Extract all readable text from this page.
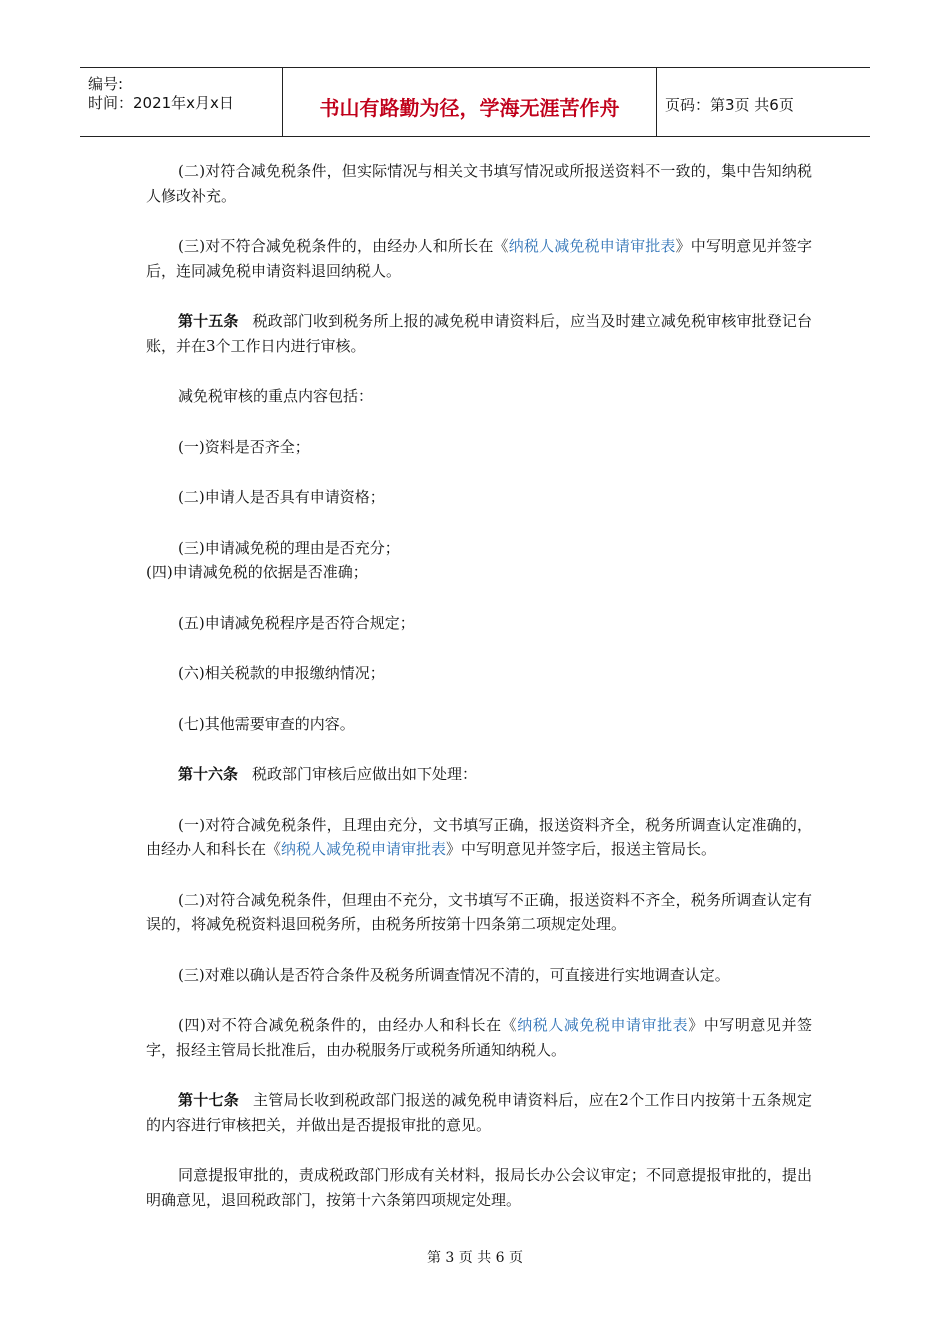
编号:
时间：2021年x月x日	书山有路勤为径，学海无涯苦作舟	页码：第3页 共6页

(二)对符合减免税条件，但实际情况与相关文书填写情况或所报送资料不一致的，集中告知纳税人修改补充。

(三)对不符合减免税条件的，由经办人和所长在《纳税人减免税申请审批表》中写明意见并签字后，连同减免税申请资料退回纳税人。

第十五条 税政部门收到税务所上报的减免税申请资料后，应当及时建立减免税审核审批登记台账，并在3个工作日内进行审核。

减免税审核的重点内容包括：

(一)资料是否齐全；

(二)申请人是否具有申请资格；

(三)申请减免税的理由是否充分；

(四)申请减免税的依据是否准确；

(五)申请减免税程序是否符合规定；

(六)相关税款的申报缴纳情况；

(七)其他需要审查的内容。

第十六条 税政部门审核后应做出如下处理：

(一)对符合减免税条件，且理由充分，文书填写正确，报送资料齐全，税务所调查认定准确的，由经办人和科长在《纳税人减免税申请审批表》中写明意见并签字后，报送主管局长。

(二)对符合减免税条件，但理由不充分，文书填写不正确，报送资料不齐全，税务所调查认定有误的，将减免税资料退回税务所，由税务所按第十四条第二项规定处理。

(三)对难以确认是否符合条件及税务所调查情况不清的，可直接进行实地调查认定。

(四)对不符合减免税条件的，由经办人和科长在《纳税人减免税申请审批表》中写明意见并签字，报经主管局长批准后，由办税服务厅或税务所通知纳税人。

第十七条 主管局长收到税政部门报送的减免税申请资料后，应在2个工作日内按第十五条规定的内容进行审核把关，并做出是否提报审批的意见。

同意提报审批的，责成税政部门形成有关材料，报局长办公会议审定；不同意提报审批的，提出明确意见，退回税政部门，按第十六条第四项规定处理。

第 3 页 共 6 页
